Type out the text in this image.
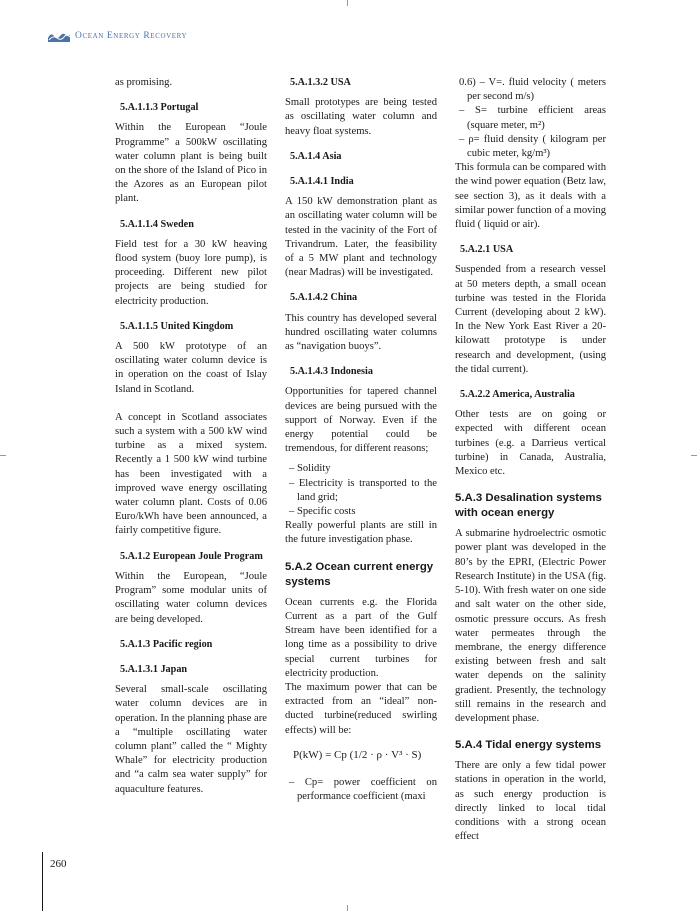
Ocean Energy Recovery

as promising.

5.A.1.1.3 Portugal

Within the European “Joule Programme” a 500kW oscillating water column plant is being built on the shore of the Island of Pico in the Azores as an European pilot plant.

5.A.1.1.4 Sweden

Field test for a 30 kW heaving flood system (buoy lore pump), is proceeding. Different new pilot projects are being studied for electricity production.

5.A.1.1.5 United Kingdom

A 500 kW prototype of an oscillating water column device is in operation on the coast of Islay Island in Scotland.

A concept in Scotland associates such a system with a 500 kW wind turbine as a mixed system. Recently a 1 500 kW wind turbine has been investigated with a improved wave energy oscillating water column plant. Costs of 0.06 Euro/kWh have been announced, a fairly competitive figure.

5.A.1.2 European Joule Program

Within the European, “Joule Program” some modular units of oscillating water column devices are being developed.

5.A.1.3 Pacific region
5.A.1.3.1 Japan

Several small-scale oscillating water column devices are in operation. In the planning phase are a “multiple oscillating water column plant” called the “ Mighty Whale” for electricity production and “a calm sea water supply” for aquaculture features.

5.A.1.3.2 USA

Small prototypes are being tested as oscillating water column and heavy float systems.

5.A.1.4 Asia
5.A.1.4.1 India

A 150 kW demonstration plant as an oscillating water column will be tested in the vacinity of the Fort of Trivandrum. Later, the feasibility of a 5 MW plant and technology (near Madras) will be investigated.

5.A.1.4.2 China

This country has developed several hundred oscillating water columns as “navigation buoys”.

5.A.1.4.3 Indonesia

Opportunities for tapered channel devices are being pursued with the support of Norway. Even if the energy potential could be tremendous, for different reasons;

– Solidity

– Electricity is transported to the land grid;

– Specific costs

Really powerful plants are still in the future investigation phase.

5.A.2 Ocean current energy systems

Ocean currents e.g. the Florida Current as a part of the Gulf Stream have been identified for a long time as a possibility to drive special current turbines for electricity production.

The maximum power that can be extracted from an “ideal” non-ducted turbine(reduced swirling effects) will be:

P(kW) = Cp (1/2 · ρ · V³ · S)

– Cp= power coefficient on performance coefficient (maxi

0.6) – V=. fluid velocity ( meters per second m/s)

– S= turbine efficient areas (square meter, m²)

– ρ= fluid density ( kilogram per cubic meter, kg/m³)

This formula can be compared with the wind power equation (Betz law, see section 3), as it deals with a similar power function of a moving fluid ( liquid or air).

5.A.2.1 USA

Suspended from a research vessel at 50 meters depth, a small ocean turbine was tested in the Florida Current (developing about 2 kW). In the New York East River a 20-kilowatt prototype is under research and development, (using the tidal current).

5.A.2.2 America, Australia

Other tests are on going or expected with different ocean turbines (e.g. a Darrieus vertical turbine) in Canada, Australia, Mexico etc.

5.A.3 Desalination systems with ocean energy

A submarine hydroelectric osmotic power plant was developed in the 80’s by the EPRI, (Electric Power Research Institute) in the USA (fig. 5-10). With fresh water on one side and salt water on the other side, osmotic pressure occurs. As fresh water permeates through the membrane, the energy difference existing between fresh and salt water depends on the salinity gradient. Presently, the technology still remains in the research and development phase.

5.A.4 Tidal energy systems

There are only a few tidal power stations in operation in the world, as such energy production is directly linked to local tidal conditions with a strong ocean effect

260
